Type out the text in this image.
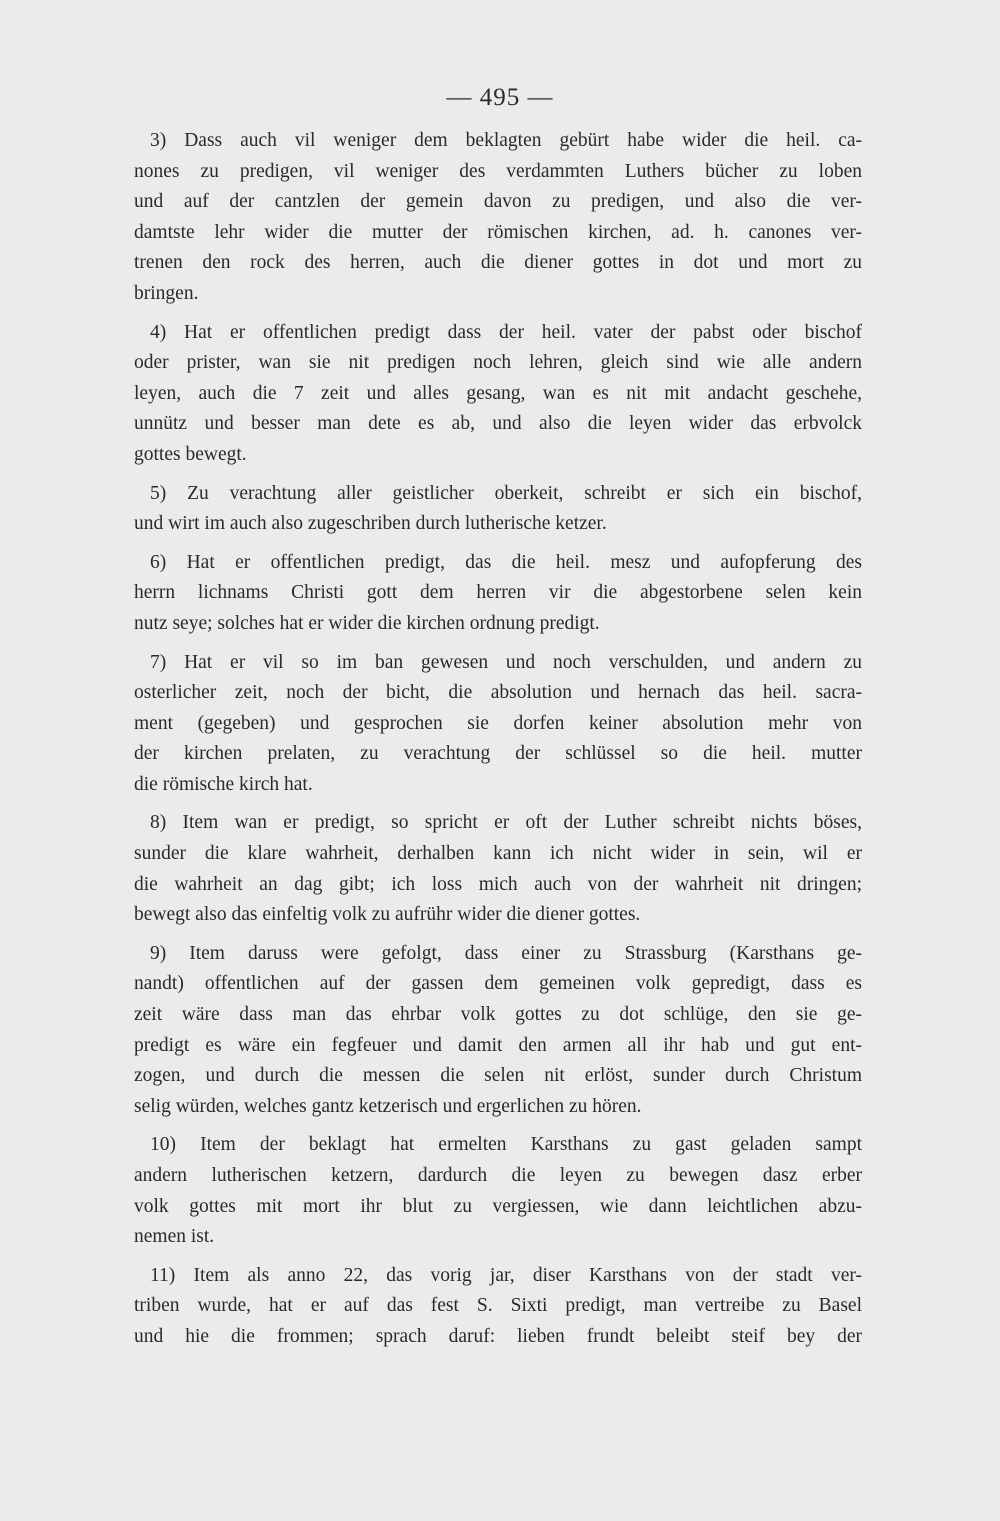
— 495 —
3) Dass auch vil weniger dem beklagten gebürt habe wider die heil. ca-
nones zu predigen, vil weniger des verdammten Luthers bücher zu loben
und auf der cantzlen der gemein davon zu predigen, und also die ver-
damtste lehr wider die mutter der römischen kirchen, ad. h. canones ver-
trenen den rock des herren, auch die diener gottes in dot und mort zu
bringen.
4) Hat er offentlichen predigt dass der heil. vater der pabst oder bischof
oder prister, wan sie nit predigen noch lehren, gleich sind wie alle andern
leyen, auch die 7 zeit und alles gesang, wan es nit mit andacht geschehe,
unnütz und besser man dete es ab, und also die leyen wider das erbvolck
gottes bewegt.
5) Zu verachtung aller geistlicher oberkeit, schreibt er sich ein bischof,
und wirt im auch also zugeschriben durch lutherische ketzer.
6) Hat er offentlichen predigt, das die heil. mesz und aufopferung des
herrn lichnams Christi gott dem herren vir die abgestorbene selen kein
nutz seye; solches hat er wider die kirchen ordnung predigt.
7) Hat er vil so im ban gewesen und noch verschulden, und andern zu
osterlicher zeit, noch der bicht, die absolution und hernach das heil. sacra-
ment (gegeben) und gesprochen sie dorfen keiner absolution mehr von
der kirchen prelaten, zu verachtung der schlüssel so die heil. mutter
die römische kirch hat.
8) Item wan er predigt, so spricht er oft der Luther schreibt nichts böses,
sunder die klare wahrheit, derhalben kann ich nicht wider in sein, wil er
die wahrheit an dag gibt; ich loss mich auch von der wahrheit nit dringen;
bewegt also das einfeltig volk zu aufrühr wider die diener gottes.
9) Item daruss were gefolgt, dass einer zu Strassburg (Karsthans ge-
nandt) offentlichen auf der gassen dem gemeinen volk gepredigt, dass es
zeit wäre dass man das ehrbar volk gottes zu dot schlüge, den sie ge-
predigt es wäre ein fegfeuer und damit den armen all ihr hab und gut ent-
zogen, und durch die messen die selen nit erlöst, sunder durch Christum
selig würden, welches gantz ketzerisch und ergerlichen zu hören.
10) Item der beklagt hat ermelten Karsthans zu gast geladen sampt
andern lutherischen ketzern, dardurch die leyen zu bewegen dasz erber
volk gottes mit mort ihr blut zu vergiessen, wie dann leichtlichen abzu-
nemen ist.
11) Item als anno 22, das vorig jar, diser Karsthans von der stadt ver-
triben wurde, hat er auf das fest S. Sixti predigt, man vertreibe zu Basel
und hie die frommen; sprach daruf: lieben frundt beleibt steif bey der
